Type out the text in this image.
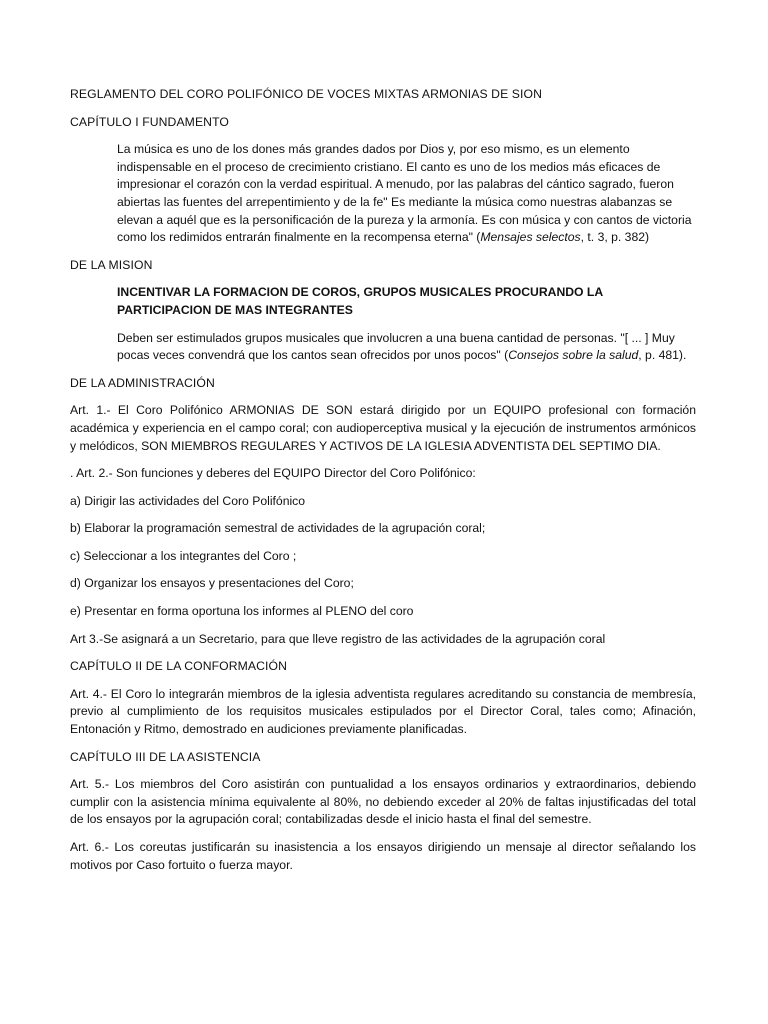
REGLAMENTO DEL CORO POLIFÓNICO DE VOCES MIXTAS ARMONIAS DE SION
CAPÍTULO I FUNDAMENTO
La música es uno de los dones más grandes dados por Dios y, por eso mismo, es un elemento indispensable en el proceso de crecimiento cristiano. El canto es uno de los medios más eficaces de impresionar el corazón con la verdad espiritual. A menudo, por las palabras del cántico sagrado, fueron abiertas las fuentes del arrepentimiento y de la fe" Es mediante la música como nuestras alabanzas se elevan a aquél que es la personificación de la pureza y la armonía. Es con música y con cantos de victoria como los redimidos entrarán finalmente en la recompensa eterna" (Mensajes selectos, t. 3, p. 382)
DE LA MISION
INCENTIVAR LA FORMACION DE COROS, GRUPOS MUSICALES PROCURANDO LA PARTICIPACION DE MAS INTEGRANTES
Deben ser estimulados grupos musicales que involucren a una buena cantidad de personas. "[ ... ] Muy pocas veces convendrá que los cantos sean ofrecidos por unos pocos" (Consejos sobre la salud, p. 481).
DE LA ADMINISTRACIÓN

Art. 1.- El Coro Polifónico ARMONIAS DE SON estará dirigido por un EQUIPO profesional con formación académica y experiencia en el campo coral; con audioperceptiva musical y la ejecución de instrumentos armónicos y melódicos, SON MIEMBROS REGULARES Y ACTIVOS DE LA IGLESIA ADVENTISTA DEL SEPTIMO DIA.

. Art. 2.- Son funciones y deberes del EQUIPO Director del Coro Polifónico:

a) Dirigir las actividades del Coro Polifónico

b) Elaborar la programación semestral de actividades de la agrupación coral;

c) Seleccionar a los integrantes del Coro ;

d) Organizar los ensayos y presentaciones del Coro;

e) Presentar en forma oportuna los informes al PLENO del coro

Art 3.-Se asignará a un Secretario, para que lleve registro de las actividades de la agrupación coral

CAPÍTULO II DE LA CONFORMACIÓN

Art. 4.- El Coro lo integrarán miembros de la iglesia adventista regulares acreditando su constancia de membresía, previo al cumplimiento de los requisitos musicales estipulados por el Director Coral, tales como; Afinación, Entonación y Ritmo, demostrado en audiciones previamente planificadas.

CAPÍTULO III DE LA ASISTENCIA

Art. 5.- Los miembros del Coro asistirán con puntualidad a los ensayos ordinarios y extraordinarios, debiendo cumplir con la asistencia mínima equivalente al 80%, no debiendo exceder al 20% de faltas injustificadas del total de los ensayos por la agrupación coral; contabilizadas desde el inicio hasta el final del semestre.

Art. 6.- Los coreutas justificarán su inasistencia a los ensayos dirigiendo un mensaje al director señalando los motivos por Caso fortuito o fuerza mayor.
